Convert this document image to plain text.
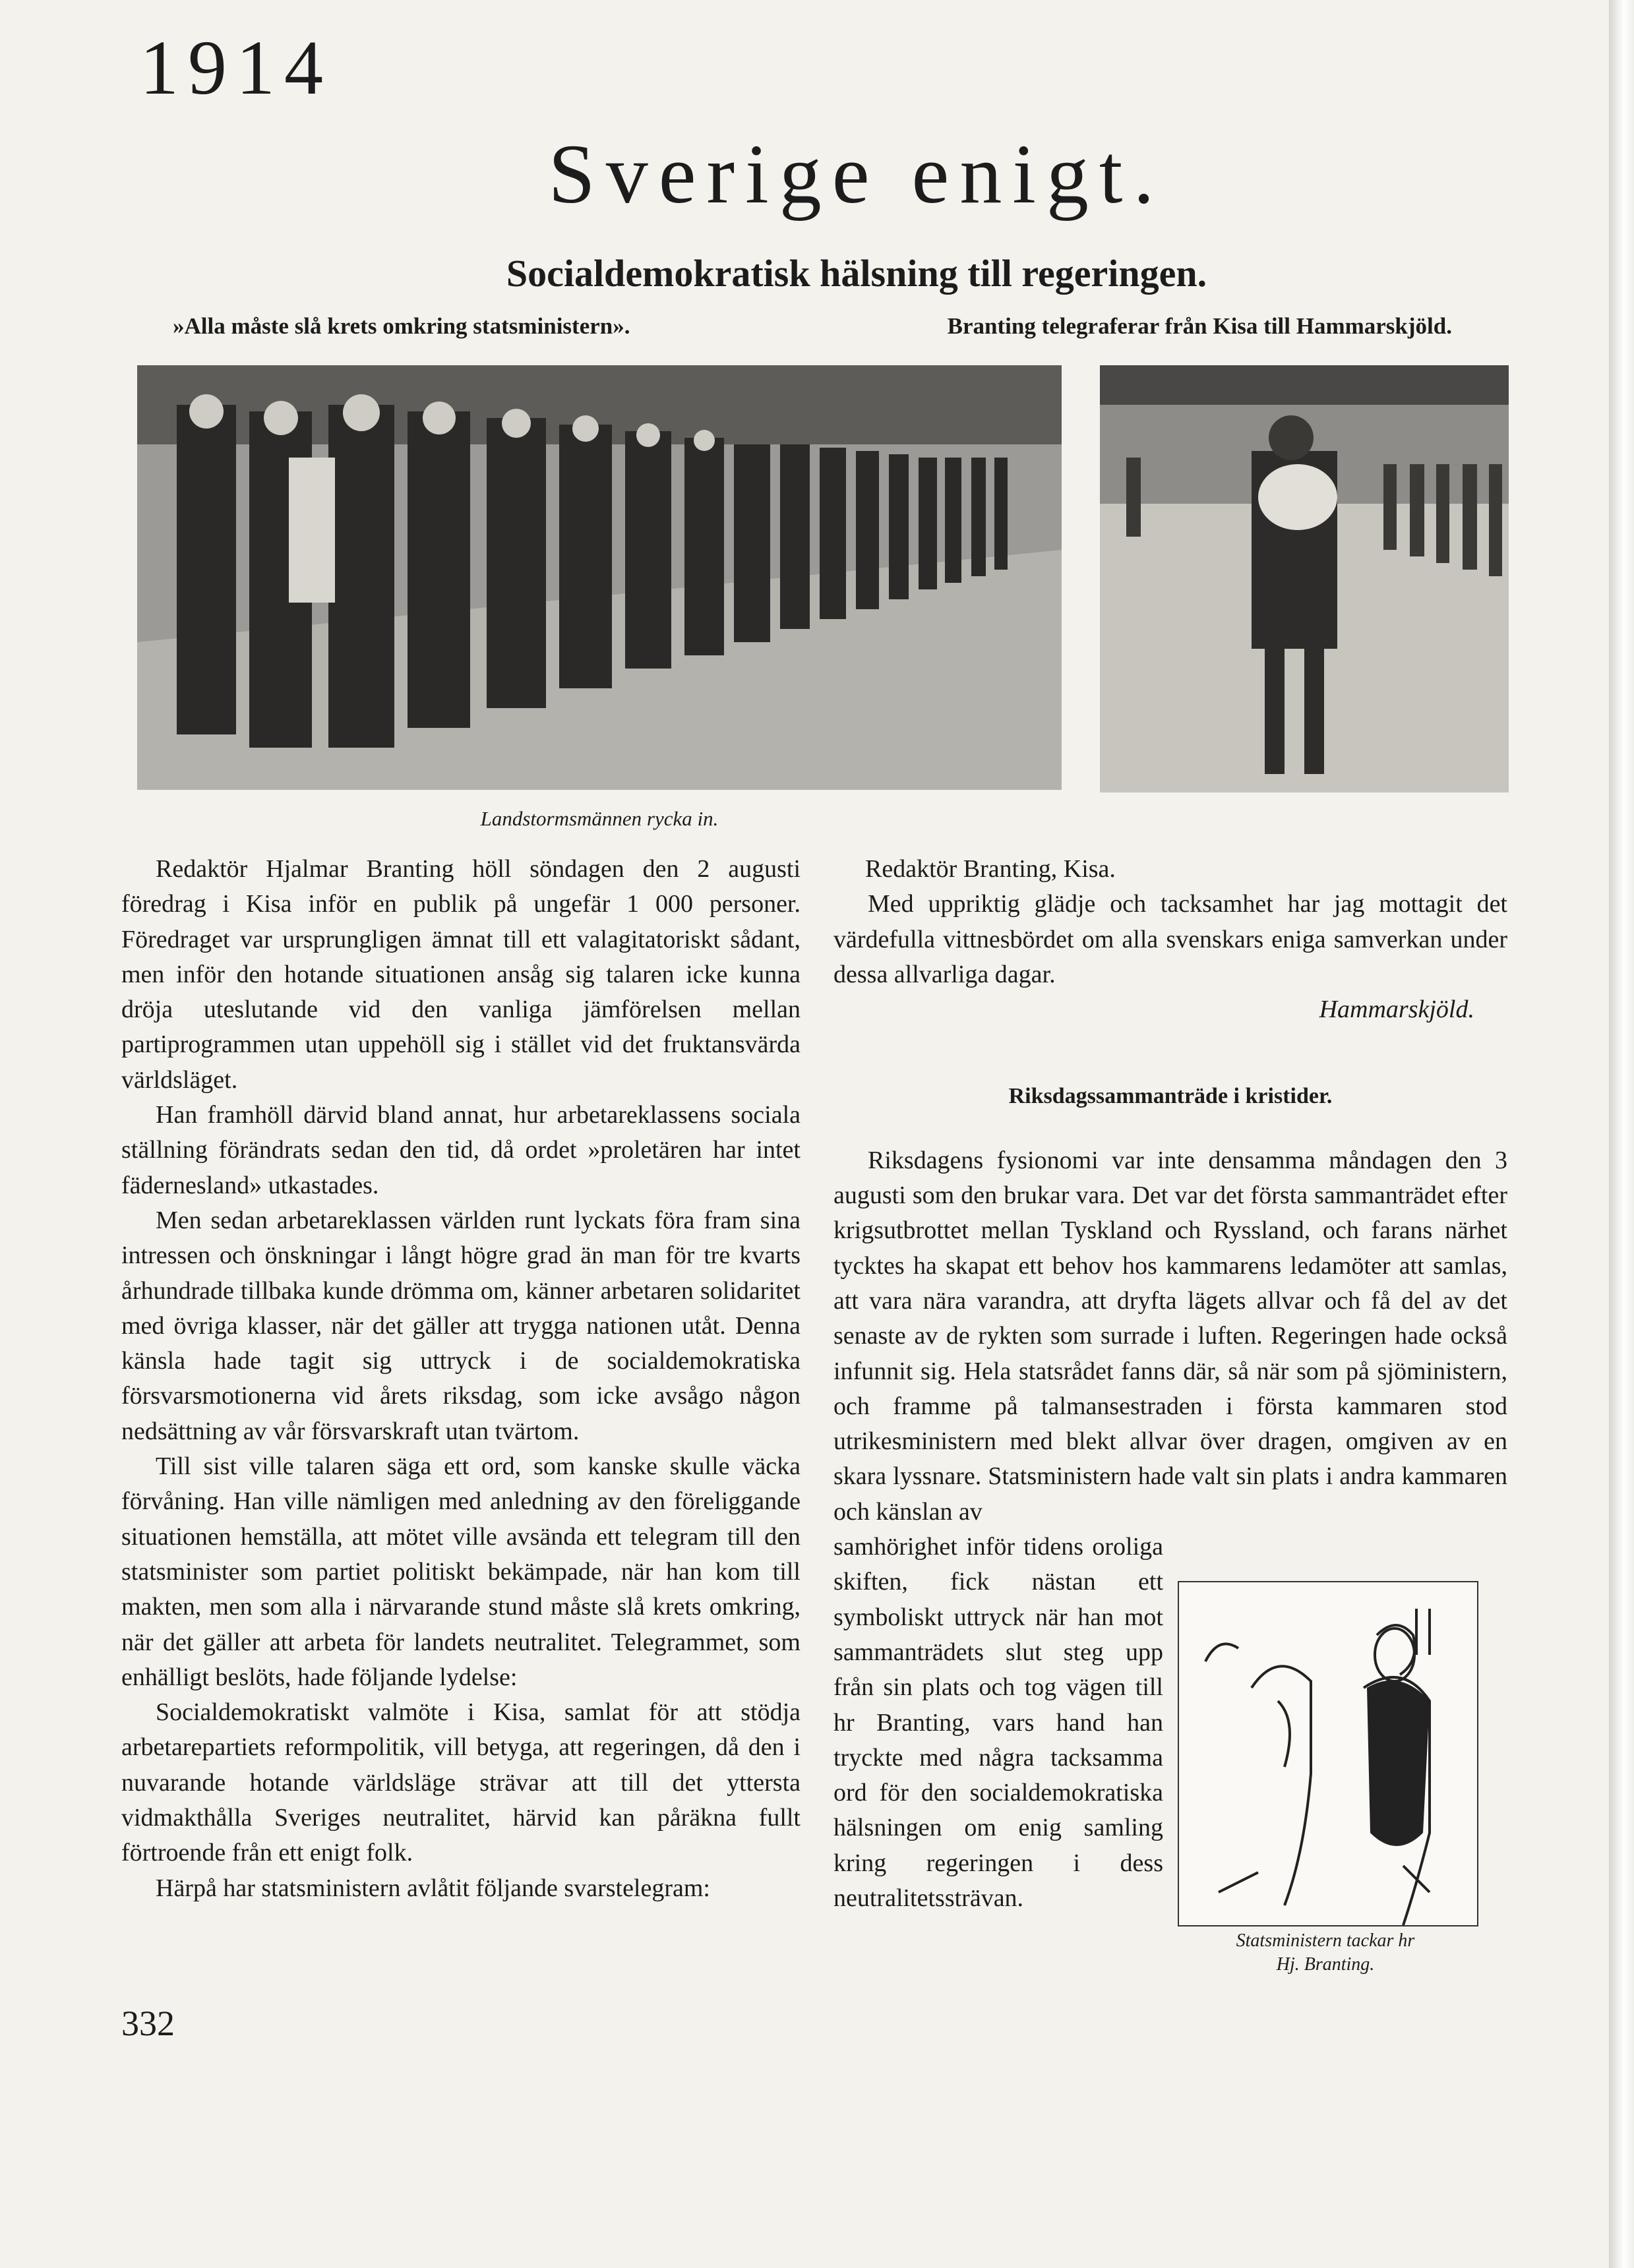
1914
Sverige enigt.
Socialdemokratisk hälsning till regeringen.
»Alla måste slå krets omkring statsministern».	Branting telegraferar från Kisa till Hammarskjöld.
Landstormsmännen rycka in.

Redaktör Hjalmar Branting höll söndagen den 2 augusti föredrag i Kisa inför en publik på ungefär 1 000 personer. Föredraget var ursprungligen ämnat till ett valagitatoriskt sådant, men inför den hotande situationen ansåg sig talaren icke kunna dröja uteslutande vid den vanliga jämförelsen mellan partiprogrammen utan uppehöll sig i stället vid det fruktansvärda världsläget.

Han framhöll därvid bland annat, hur arbetareklassens sociala ställning förändrats sedan den tid, då ordet »proletären har intet fädernesland» utkastades.

Men sedan arbetareklassen världen runt lyckats föra fram sina intressen och önskningar i långt högre grad än man för tre kvarts århundrade tillbaka kunde drömma om, känner arbetaren solidaritet med övriga klasser, när det gäller att trygga nationen utåt. Denna känsla hade tagit sig uttryck i de socialdemokratiska försvarsmotionerna vid årets riksdag, som icke avsågo någon nedsättning av vår försvarskraft utan tvärtom.

Till sist ville talaren säga ett ord, som kanske skulle väcka förvåning. Han ville nämligen med anledning av den föreliggande situationen hemställa, att mötet ville avsända ett telegram till den statsminister som partiet politiskt bekämpade, när han kom till makten, men som alla i närvarande stund måste slå krets omkring, när det gäller att arbeta för landets neutralitet. Telegrammet, som enhälligt beslöts, hade följande lydelse:

Socialdemokratiskt valmöte i Kisa, samlat för att stödja arbetarepartiets reformpolitik, vill betyga, att regeringen, då den i nuvarande hotande världsläge strävar att till det yttersta vidmakthålla Sveriges neutralitet, härvid kan påräkna fullt förtroende från ett enigt folk.

Härpå har statsministern avlåtit följande svarstelegram:

Redaktör Branting, Kisa.

Med uppriktig glädje och tacksamhet har jag mottagit det värdefulla vittnesbördet om alla svenskars eniga samverkan under dessa allvarliga dagar.

Hammarskjöld.

Riksdagssammanträde i kristider.

Riksdagens fysionomi var inte densamma måndagen den 3 augusti som den brukar vara. Det var det första sammanträdet efter krigsutbrottet mellan Tyskland och Ryssland, och farans närhet tycktes ha skapat ett behov hos kammarens ledamöter att samlas, att vara nära varandra, att dryfta lägets allvar och få del av det senaste av de rykten som surrade i luften. Regeringen hade också infunnit sig. Hela statsrådet fanns där, så när som på sjöministern, och framme på talmansestraden i första kammaren stod utrikesministern med blekt allvar över dragen, omgiven av en skara lyssnare. Statsministern hade valt sin plats i andra kammaren och känslan av

samhörighet inför tidens oroliga skiften, fick nästan ett symboliskt uttryck när han mot sammanträdets slut steg upp från sin plats och tog vägen till hr Branting, vars hand han tryckte med några tacksamma ord för den socialdemokratiska hälsningen om enig samling kring regeringen i dess neutralitetssträvan.

Statsministern tackar hr
Hj. Branting.
332
